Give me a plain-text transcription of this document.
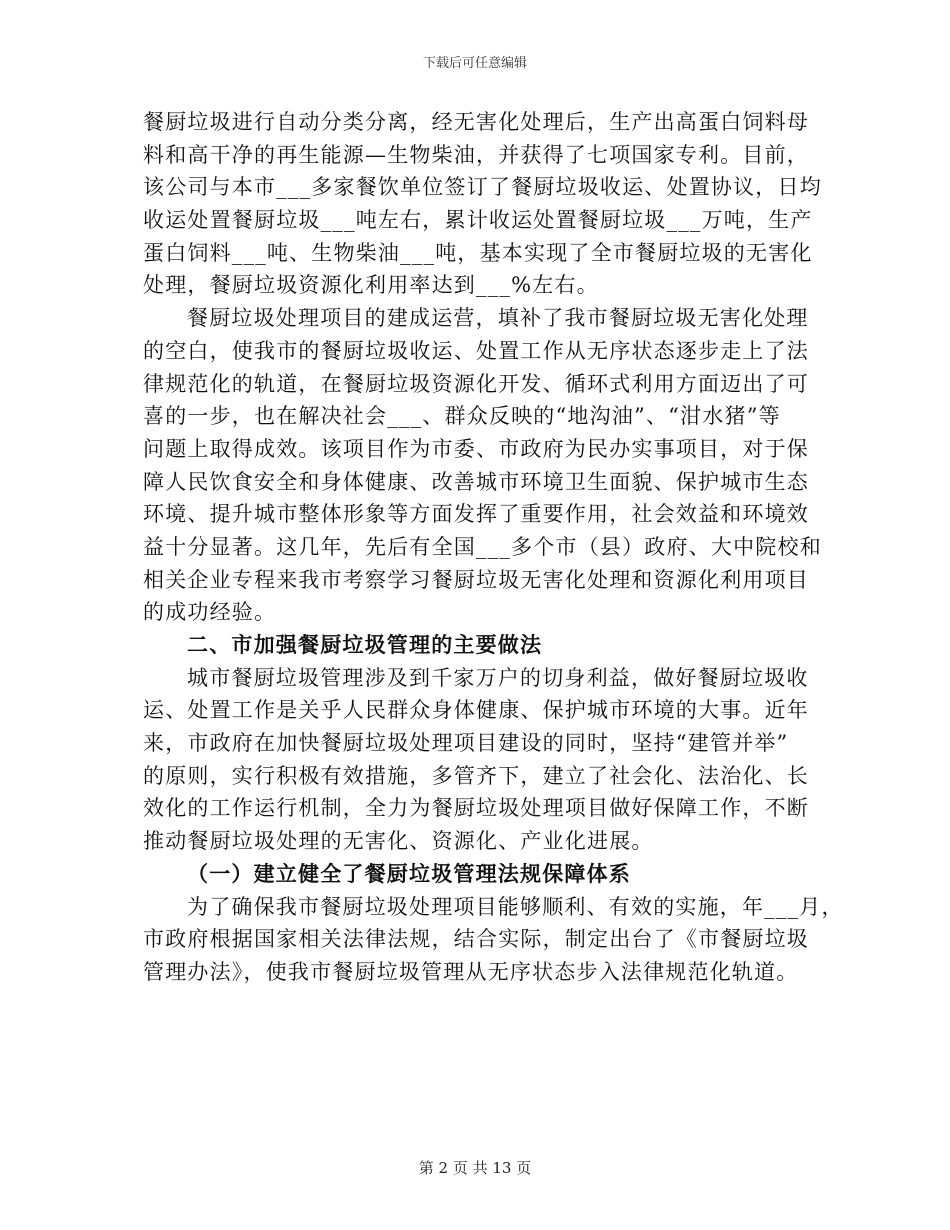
下载后可任意编辑
餐厨垃圾进行自动分类分离，经无害化处理后，生产出高蛋白饲料母
料和高干净的再生能源—生物柴油，并获得了七项国家专利。目前，
该公司与本市___多家餐饮单位签订了餐厨垃圾收运、处置协议，日均
收运处置餐厨垃圾___吨左右，累计收运处置餐厨垃圾___万吨，生产
蛋白饲料___吨、生物柴油___吨，基本实现了全市餐厨垃圾的无害化
处理，餐厨垃圾资源化利用率达到___%左右。
餐厨垃圾处理项目的建成运营，填补了我市餐厨垃圾无害化处理
的空白，使我市的餐厨垃圾收运、处置工作从无序状态逐步走上了法
律规范化的轨道，在餐厨垃圾资源化开发、循环式利用方面迈出了可
喜的一步，也在解决社会___、群众反映的“地沟油”、“泔水猪”等
问题上取得成效。该项目作为市委、市政府为民办实事项目，对于保
障人民饮食安全和身体健康、改善城市环境卫生面貌、保护城市生态
环境、提升城市整体形象等方面发挥了重要作用，社会效益和环境效
益十分显著。这几年，先后有全国___多个市（县）政府、大中院校和
相关企业专程来我市考察学习餐厨垃圾无害化处理和资源化利用项目
的成功经验。
二、市加强餐厨垃圾管理的主要做法
城市餐厨垃圾管理涉及到千家万户的切身利益，做好餐厨垃圾收
运、处置工作是关乎人民群众身体健康、保护城市环境的大事。近年
来，市政府在加快餐厨垃圾处理项目建设的同时，坚持“建管并举”
的原则，实行积极有效措施，多管齐下，建立了社会化、法治化、长
效化的工作运行机制，全力为餐厨垃圾处理项目做好保障工作，不断
推动餐厨垃圾处理的无害化、资源化、产业化进展。
（一）建立健全了餐厨垃圾管理法规保障体系
为了确保我市餐厨垃圾处理项目能够顺利、有效的实施，年___月，
市政府根据国家相关法律法规，结合实际，制定出台了《市餐厨垃圾
管理办法》，使我市餐厨垃圾管理从无序状态步入法律规范化轨道。
第 2 页 共 13 页
